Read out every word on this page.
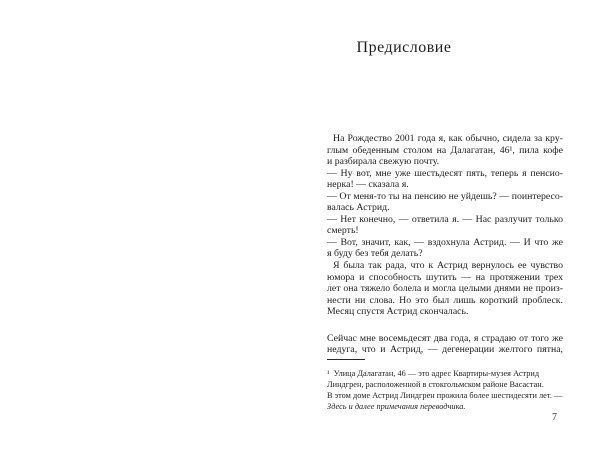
Предисловие
На Рождество 2001 года я, как обычно, сидела за кру-
глым обеденным столом на Далагатан, 46¹, пила кофе
и разбирала свежую почту.
— Ну вот, мне уже шестьдесят пять, теперь я пенсио-
нерка! — сказала я.
— От меня-то ты на пенсию не уйдешь? — поинтересо-
валась Астрид.
— Нет конечно, — ответила я. — Нас разлучит только
смерть!
— Вот, значит, как, — вздохнула Астрид. — И что же
я буду без тебя делать?
Я была так рада, что к Астрид вернулось ее чувство
юмора и способность шутить — на протяжении трех
лет она тяжело болела и могла целыми днями не произ-
нести ни слова. Но это был лишь короткий проблеск.
Месяц спустя Астрид скончалась.
Сейчас мне восемьдесят два года, я страдаю от того же
недуга, что и Астрид, — дегенерации желтого пятна,
¹  Улица Далагатан, 46 — это адрес Квартиры-музея Астрид
Линдгрен, расположенной в стокгольмском районе Васастан.
В этом доме Астрид Линдгрен прожила более шестидесяти лет. —
Здесь и далее примечания переводчика.
7
